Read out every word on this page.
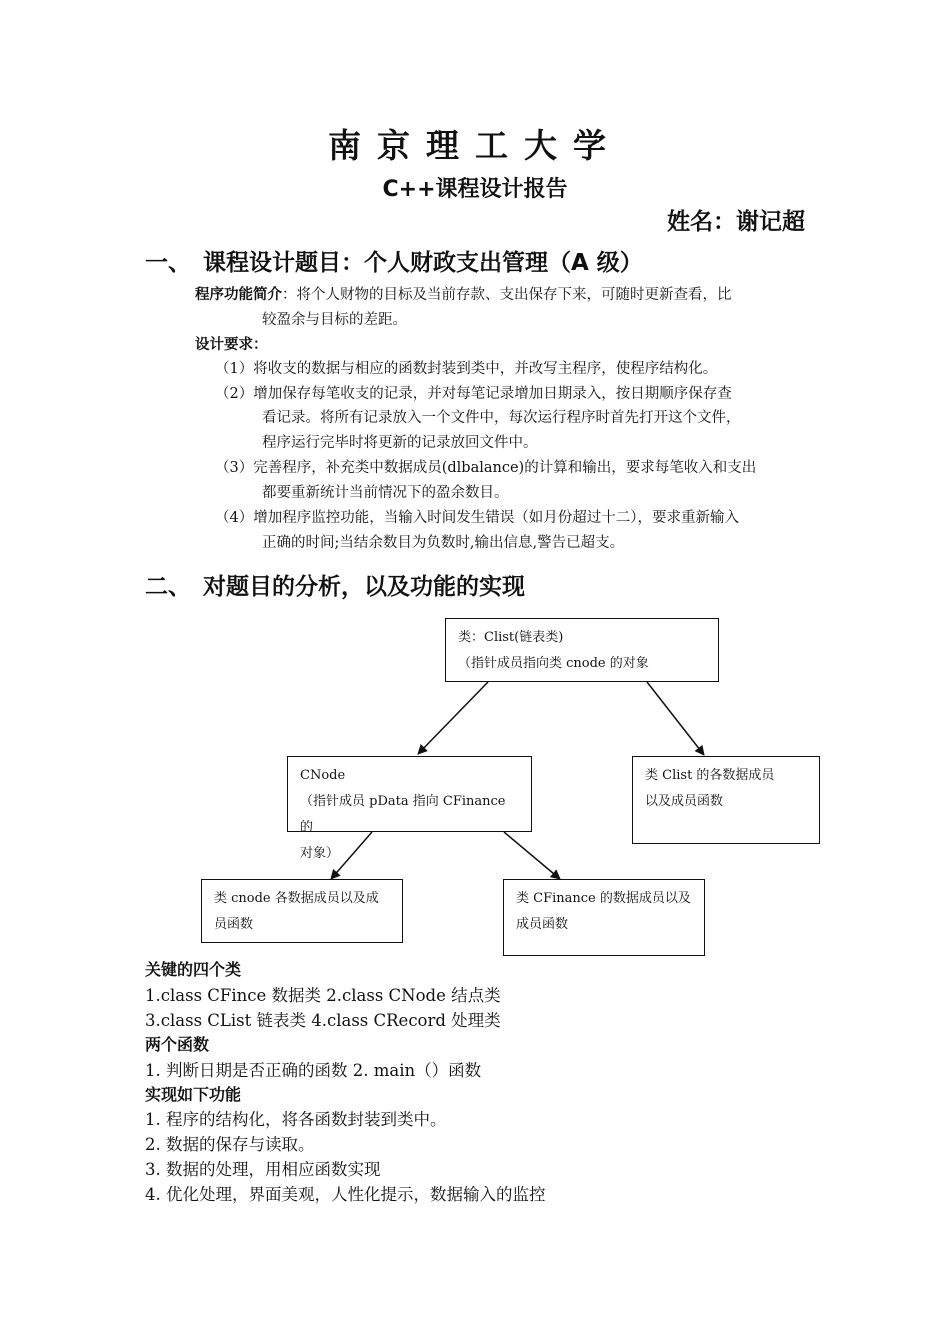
南京理工大学
C++课程设计报告
姓名：谢记超
一、 课程设计题目：个人财政支出管理（A 级）
程序功能简介：将个人财物的目标及当前存款、支出保存下来，可随时更新查看，比
较盈余与目标的差距。
设计要求：
（1）将收支的数据与相应的函数封装到类中，并改写主程序，使程序结构化。
（2）增加保存每笔收支的记录，并对每笔记录增加日期录入，按日期顺序保存查
看记录。将所有记录放入一个文件中，每次运行程序时首先打开这个文件，
程序运行完毕时将更新的记录放回文件中。
（3）完善程序，补充类中数据成员(dlbalance)的计算和输出，要求每笔收入和支出
都要重新统计当前情况下的盈余数目。
（4）增加程序监控功能，当输入时间发生错误（如月份超过十二），要求重新输入
正确的时间;当结余数目为负数时,输出信息,警告已超支。
二、 对题目的分析，以及功能的实现
类：Clist(链表类)
（指针成员指向类 cnode 的对象
CNode
（指针成员 pData 指向 CFinance 的
对象）
类 Clist 的各数据成员
以及成员函数
类 cnode 各数据成员以及成
员函数
类 CFinance 的数据成员以及
成员函数
关键的四个类
1.class CFince 数据类 2.class CNode 结点类
3.class CList 链表类 4.class CRecord 处理类
两个函数
1. 判断日期是否正确的函数 2. main（）函数
实现如下功能
1. 程序的结构化，将各函数封装到类中。
2. 数据的保存与读取。
3. 数据的处理，用相应函数实现
4. 优化处理，界面美观，人性化提示，数据输入的监控
